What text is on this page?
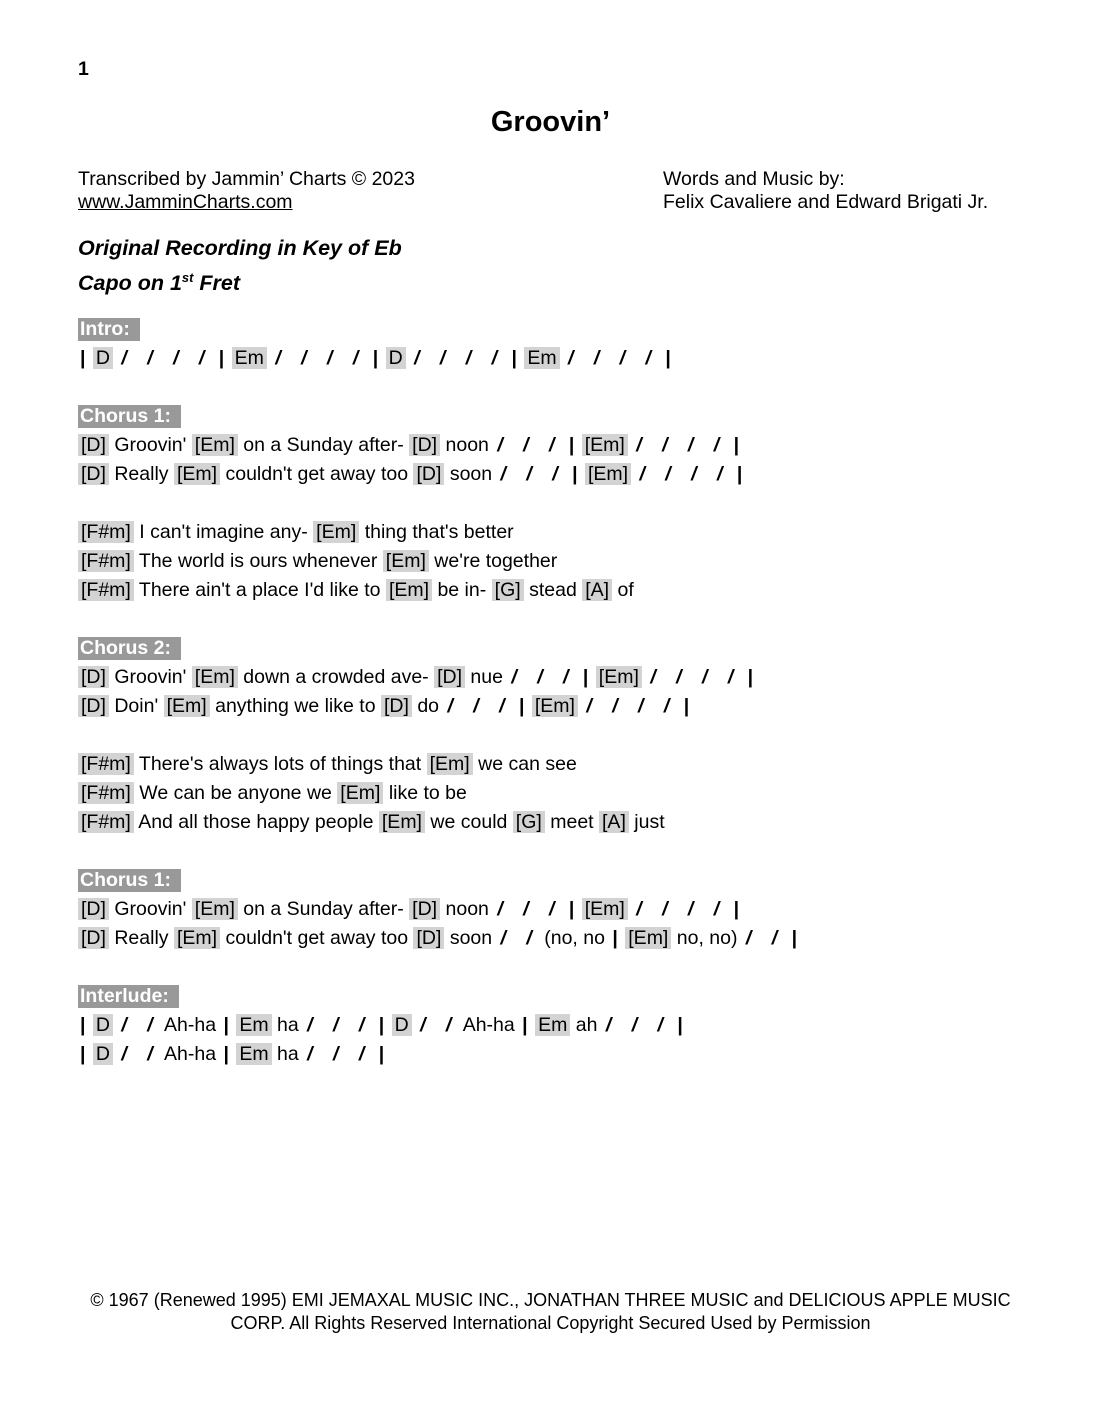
1
Groovin’
Transcribed by Jammin’ Charts © 2023
www.JamminCharts.com
Words and Music by:
Felix Cavaliere and Edward Brigati Jr.
Original Recording in Key of Eb
Capo on 1st Fret
Intro:
| D / / / / | Em / / / / | D / / / / | Em / / / / |
Chorus 1:
[D] Groovin' [Em] on a Sunday after- [D] noon / / / | [Em] / / / / |
[D] Really [Em] couldn't get away too [D] soon / / / | [Em] / / / / |
[F#m] I can't imagine any- [Em] thing that's better
[F#m] The world is ours whenever [Em] we're together
[F#m] There ain't a place I'd like to [Em] be in- [G] stead [A] of
Chorus 2:
[D] Groovin' [Em] down a crowded ave- [D] nue / / / | [Em] / / / / |
[D] Doin' [Em] anything we like to [D] do / / / | [Em] / / / / |
[F#m] There's always lots of things that [Em] we can see
[F#m] We can be anyone we [Em] like to be
[F#m] And all those happy people [Em] we could [G] meet [A] just
Chorus 1:
[D] Groovin' [Em] on a Sunday after- [D] noon / / / | [Em] / / / / |
[D] Really [Em] couldn't get away too [D] soon / / (no, no | [Em] no, no) / / |
Interlude:
| D / / Ah-ha | Em ha / / / | D / / Ah-ha | Em ah / / / |
| D / / Ah-ha | Em ha / / / |
© 1967 (Renewed 1995) EMI JEMAXAL MUSIC INC., JONATHAN THREE MUSIC and DELICIOUS APPLE MUSIC
CORP. All Rights Reserved International Copyright Secured Used by Permission
